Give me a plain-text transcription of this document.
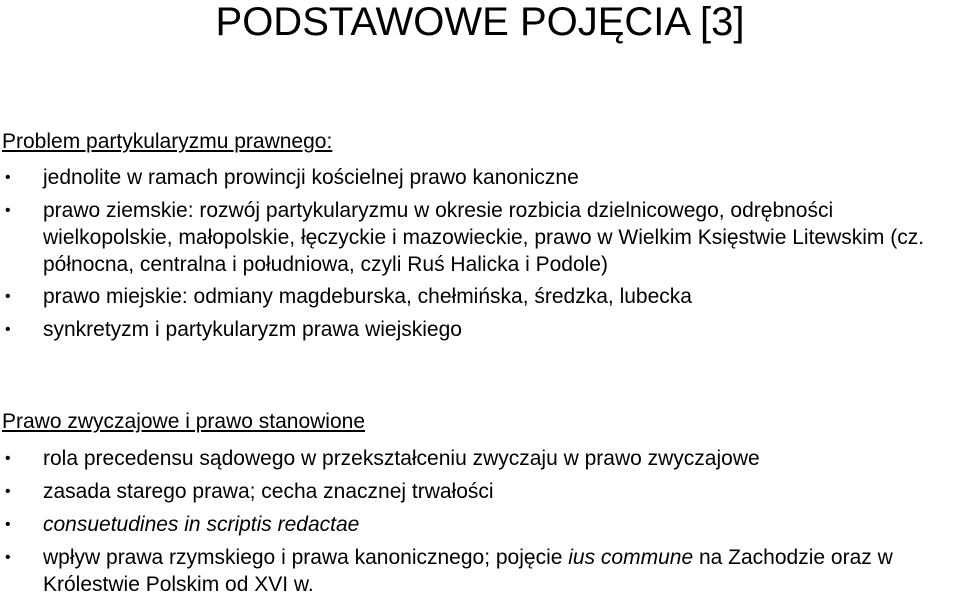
PODSTAWOWE POJĘCIA [3]

Problem partykularyzmu prawnego:

• jednolite w ramach prowincji kościelnej prawo kanoniczne
• prawo ziemskie: rozwój partykularyzmu w okresie rozbicia dzielnicowego, odrębności wielkopolskie, małopolskie, łęczyckie i mazowieckie, prawo w Wielkim Księstwie Litewskim (cz. północna, centralna i południowa, czyli Ruś Halicka i Podole)
• prawo miejskie: odmiany magdeburska, chełmińska, średzka, lubecka
• synkretyzm i partykularyzm prawa wiejskiego

Prawo zwyczajowe i prawo stanowione

• rola precedensu sądowego w przekształceniu zwyczaju w prawo zwyczajowe
• zasada starego prawa; cecha znacznej trwałości
• consuetudines in scriptis redactae
• wpływ prawa rzymskiego i prawa kanonicznego; pojęcie ius commune na Zachodzie oraz w Królestwie Polskim od XVI w.
